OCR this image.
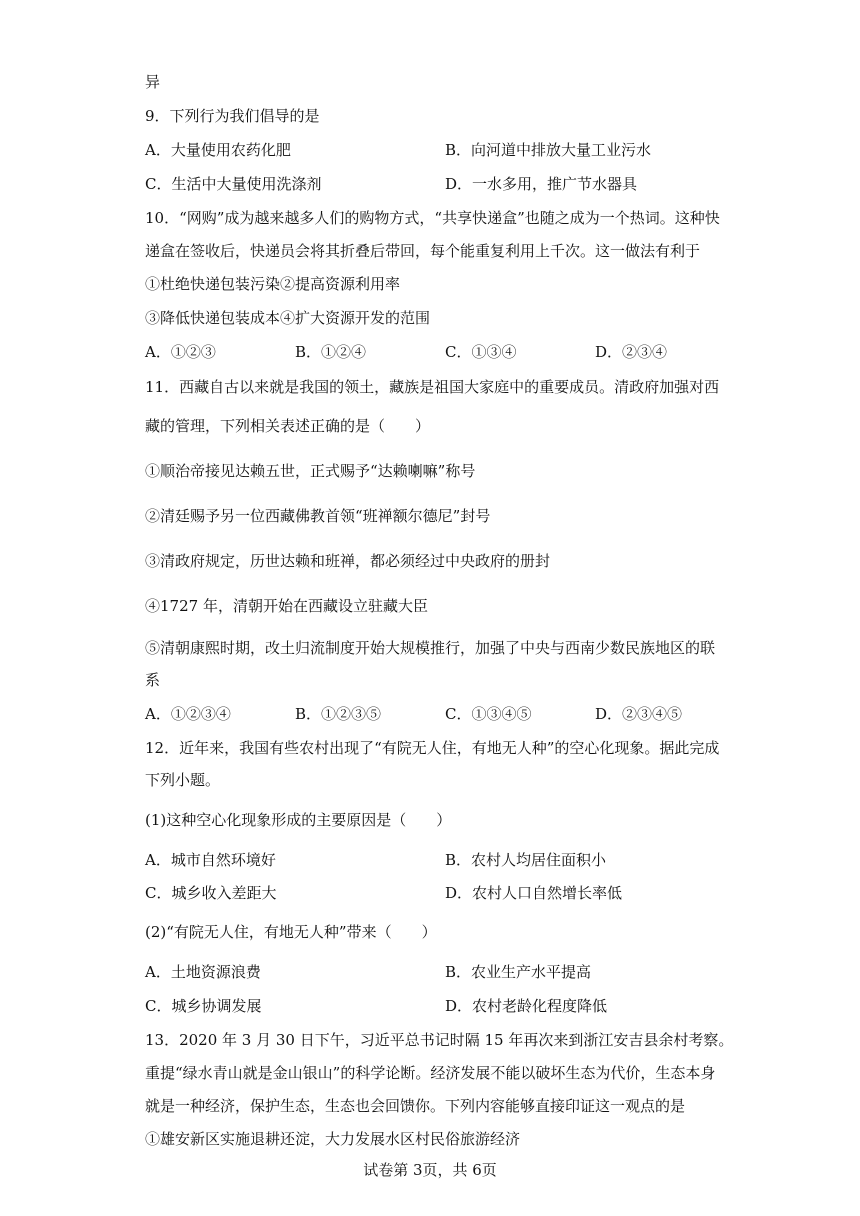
异
9．下列行为我们倡导的是
A．大量使用农药化肥	B．向河道中排放大量工业污水
C．生活中大量使用洗涤剂	D．一水多用，推广节水器具
10．“网购”成为越来越多人们的购物方式，“共享快递盒”也随之成为一个热词。这种快
递盒在签收后，快递员会将其折叠后带回，每个能重复利用上千次。这一做法有利于
①杜绝快递包装污染②提高资源利用率
③降低快递包装成本④扩大资源开发的范围
A．①②③	B．①②④	C．①③④	D．②③④
11．西藏自古以来就是我国的领土，藏族是祖国大家庭中的重要成员。清政府加强对西
藏的管理，下列相关表述正确的是（　　）
①顺治帝接见达赖五世，正式赐予“达赖喇嘛”称号
②清廷赐予另一位西藏佛教首领“班禅额尔德尼”封号
③清政府规定，历世达赖和班禅，都必须经过中央政府的册封
④1727 年，清朝开始在西藏设立驻藏大臣
⑤清朝康熙时期，改土归流制度开始大规模推行，加强了中央与西南少数民族地区的联
系
A．①②③④	B．①②③⑤	C．①③④⑤	D．②③④⑤
12．近年来，我国有些农村出现了“有院无人住，有地无人种”的空心化现象。据此完成
下列小题。
(1)这种空心化现象形成的主要原因是（　　）
A．城市自然环境好	B．农村人均居住面积小
C．城乡收入差距大	D．农村人口自然增长率低
(2)“有院无人住，有地无人种”带来（　　）
A．土地资源浪费	B．农业生产水平提高
C．城乡协调发展	D．农村老龄化程度降低
13．2020 年 3 月 30 日下午，习近平总书记时隔 15 年再次来到浙江安吉县余村考察。
重提“绿水青山就是金山银山”的科学论断。经济发展不能以破坏生态为代价，生态本身
就是一种经济，保护生态，生态也会回馈你。下列内容能够直接印证这一观点的是
①雄安新区实施退耕还淀，大力发展水区村民俗旅游经济
试卷第 3页，共 6页
